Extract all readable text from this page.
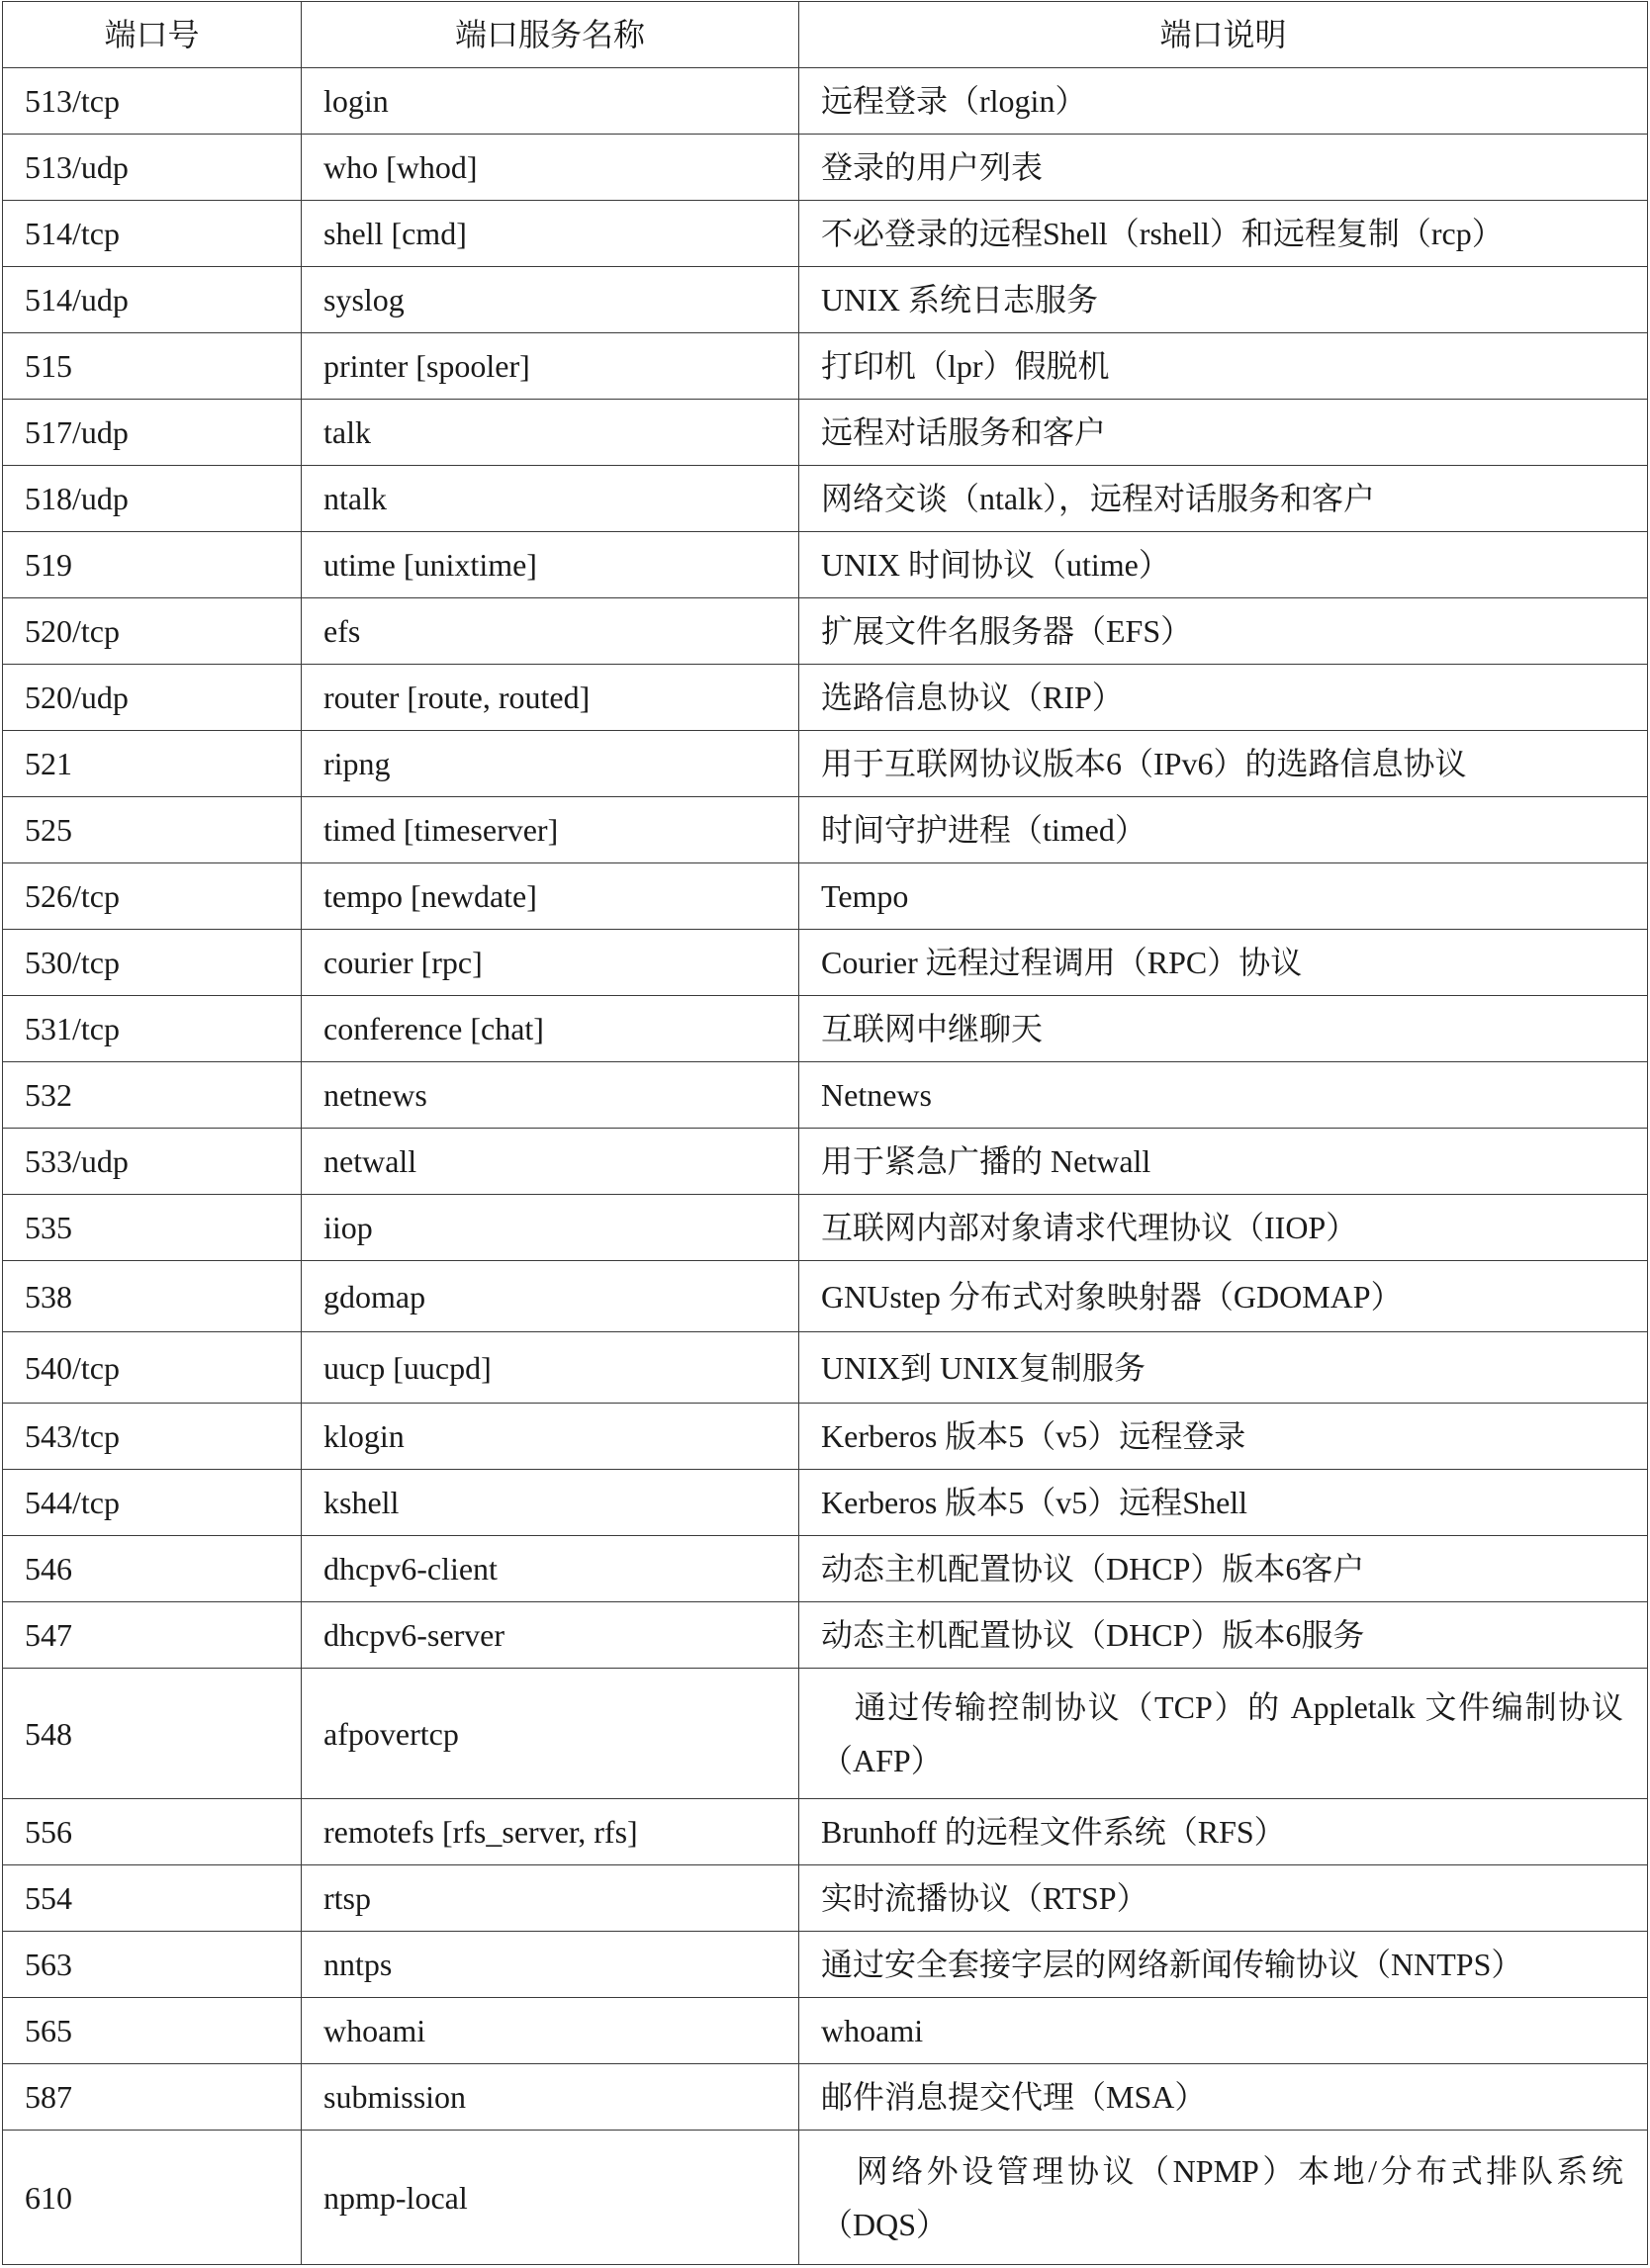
端口号	端口服务名称	端口说明
513/tcp	login	远程登录（rlogin）
513/udp	who [whod]	登录的用户列表
514/tcp	shell [cmd]	不必登录的远程Shell（rshell）和远程复制（rcp）
514/udp	syslog	UNIX 系统日志服务
515	printer [spooler]	打印机（lpr）假脱机
517/udp	talk	远程对话服务和客户
518/udp	ntalk	网络交谈（ntalk），远程对话服务和客户
519	utime [unixtime]	UNIX 时间协议（utime）
520/tcp	efs	扩展文件名服务器（EFS）
520/udp	router [route, routed]	选路信息协议（RIP）
521	ripng	用于互联网协议版本6（IPv6）的选路信息协议
525	timed [timeserver]	时间守护进程（timed）
526/tcp	tempo [newdate]	Tempo
530/tcp	courier [rpc]	Courier 远程过程调用（RPC）协议
531/tcp	conference [chat]	互联网中继聊天
532	netnews	Netnews
533/udp	netwall	用于紧急广播的 Netwall
535	iiop	互联网内部对象请求代理协议（IIOP）
538	gdomap	GNUstep 分布式对象映射器（GDOMAP）
540/tcp	uucp [uucpd]	UNIX到 UNIX复制服务
543/tcp	klogin	Kerberos 版本5（v5）远程登录
544/tcp	kshell	Kerberos 版本5（v5）远程Shell
546	dhcpv6-client	动态主机配置协议（DHCP）版本6客户
547	dhcpv6-server	动态主机配置协议（DHCP）版本6服务
548	afpovertcp	　通过传输控制协议（TCP）的 Appletalk 文件编制协议（AFP）
556	remotefs [rfs_server, rfs]	Brunhoff 的远程文件系统（RFS）
554	rtsp	实时流播协议（RTSP）
563	nntps	通过安全套接字层的网络新闻传输协议（NNTPS）
565	whoami	whoami
587	submission	邮件消息提交代理（MSA）
610	npmp-local	　网络外设管理协议（NPMP）本地/分布式排队系统（DQS）
